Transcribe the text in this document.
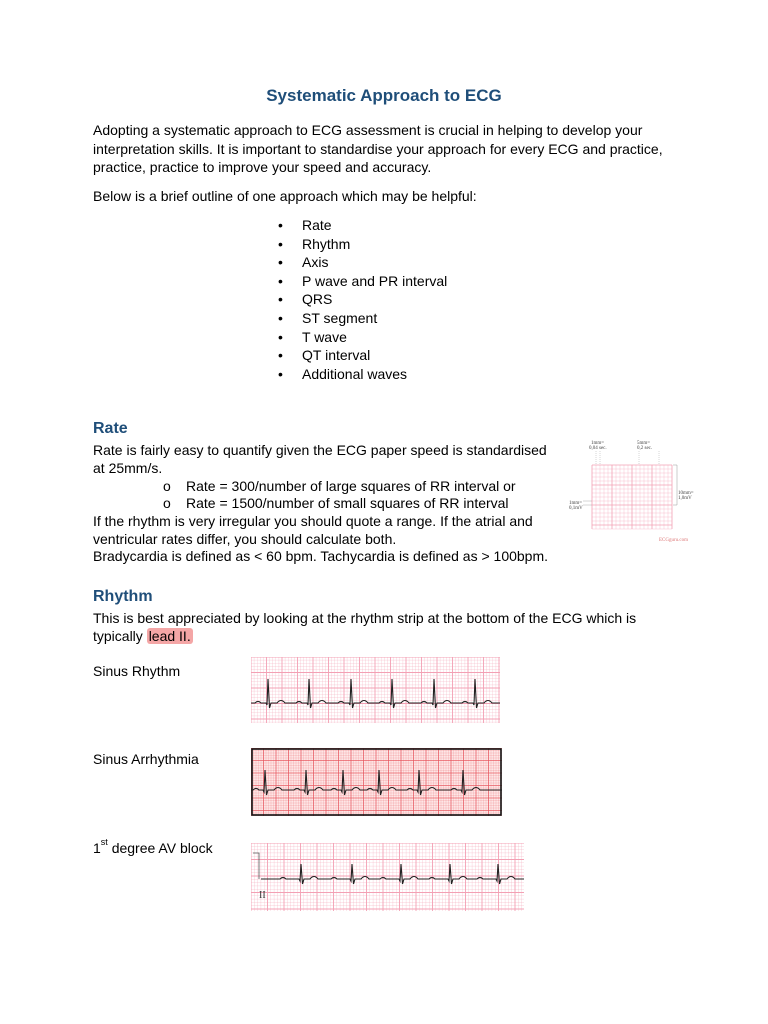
Systematic Approach to ECG
Adopting a systematic approach to ECG assessment is crucial in helping to develop your interpretation skills. It is important to standardise your approach for every ECG and practice, practice, practice to improve your speed and accuracy.
Below is a brief outline of one approach which may be helpful:
• Rate
• Rhythm
• Axis
• P wave and PR interval
• QRS
• ST segment
• T wave
• QT interval
• Additional waves
Rate
Rate is fairly easy to quantify given the ECG paper speed is standardised
at 25mm/s.
o Rate = 300/number of large squares of RR interval or
o Rate = 1500/number of small squares of RR interval
If the rhythm is very irregular you should quote a range. If the atrial and
ventricular rates differ, you should calculate both.
Bradycardia is defined as < 60 bpm. Tachycardia is defined as > 100bpm.
1mm=
0,04 sec.
5mm=
0,2 sec.
1mm=
0,1mV
10mm=
1,0mV
ECGguru.com
Rhythm
This is best appreciated by looking at the rhythm strip at the bottom of the ECG which is
typically lead II.
Sinus Rhythm
Sinus Arrhythmia
1st degree AV block
II
